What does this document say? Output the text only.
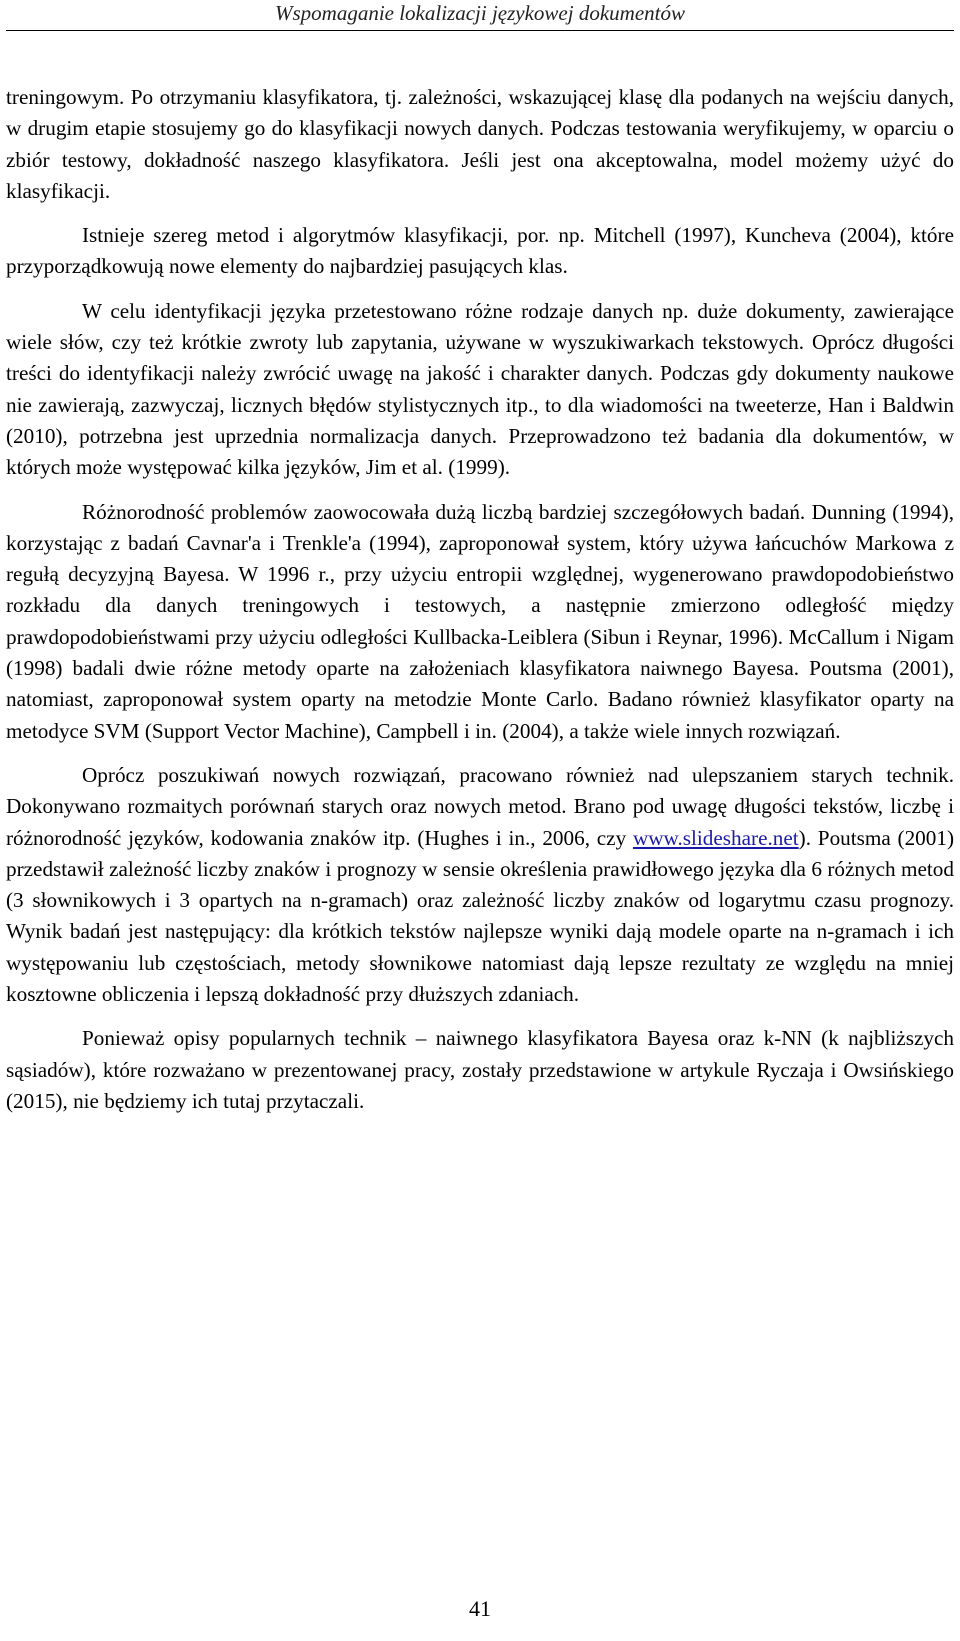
Wspomaganie lokalizacji językowej dokumentów

treningowym. Po otrzymaniu klasyfikatora, tj. zależności, wskazującej klasę dla podanych na wejściu danych, w drugim etapie stosujemy go do klasyfikacji nowych danych. Podczas testowania weryfikujemy, w oparciu o zbiór testowy, dokładność naszego klasyfikatora. Jeśli jest ona akceptowalna, model możemy użyć do klasyfikacji.

Istnieje szereg metod i algorytmów klasyfikacji, por. np. Mitchell (1997), Kuncheva (2004), które przyporządkowują nowe elementy do najbardziej pasujących klas.

W celu identyfikacji języka przetestowano różne rodzaje danych np. duże dokumenty, zawierające wiele słów, czy też krótkie zwroty lub zapytania, używane w wyszukiwarkach tekstowych. Oprócz długości treści do identyfikacji należy zwrócić uwagę na jakość i charakter danych. Podczas gdy dokumenty naukowe nie zawierają, zazwyczaj, licznych błędów stylistycznych itp., to dla wiadomości na tweeterze, Han i Baldwin (2010), potrzebna jest uprzednia normalizacja danych. Przeprowadzono też badania dla dokumentów, w których może występować kilka języków, Jim et al. (1999).

Różnorodność problemów zaowocowała dużą liczbą bardziej szczegółowych badań. Dunning (1994), korzystając z badań Cavnar'a i Trenkle'a (1994), zaproponował system, który używa łańcuchów Markowa z regułą decyzyjną Bayesa. W 1996 r., przy użyciu entropii względnej, wygenerowano prawdopodobieństwo rozkładu dla danych treningowych i testowych, a następnie zmierzono odległość między prawdopodobieństwami przy użyciu odległości Kullbacka-Leiblera (Sibun i Reynar, 1996). McCallum i Nigam (1998) badali dwie różne metody oparte na założeniach klasyfikatora naiwnego Bayesa. Poutsma (2001), natomiast, zaproponował system oparty na metodzie Monte Carlo. Badano również klasyfikator oparty na metodyce SVM (Support Vector Machine), Campbell i in. (2004), a także wiele innych rozwiązań.

Oprócz poszukiwań nowych rozwiązań, pracowano również nad ulepszaniem starych technik. Dokonywano rozmaitych porównań starych oraz nowych metod. Brano pod uwagę długości tekstów, liczbę i różnorodność języków, kodowania znaków itp. (Hughes i in., 2006, czy www.slideshare.net). Poutsma (2001) przedstawił zależność liczby znaków i prognozy w sensie określenia prawidłowego języka dla 6 różnych metod (3 słownikowych i 3 opartych na n-gramach) oraz zależność liczby znaków od logarytmu czasu prognozy. Wynik badań jest następujący: dla krótkich tekstów najlepsze wyniki dają modele oparte na n-gramach i ich występowaniu lub częstościach, metody słownikowe natomiast dają lepsze rezultaty ze względu na mniej kosztowne obliczenia i lepszą dokładność przy dłuższych zdaniach.

Ponieważ opisy popularnych technik – naiwnego klasyfikatora Bayesa oraz k-NN (k najbliższych sąsiadów), które rozważano w prezentowanej pracy, zostały przedstawione w artykule Ryczaja i Owsińskiego (2015), nie będziemy ich tutaj przytaczali.

41
